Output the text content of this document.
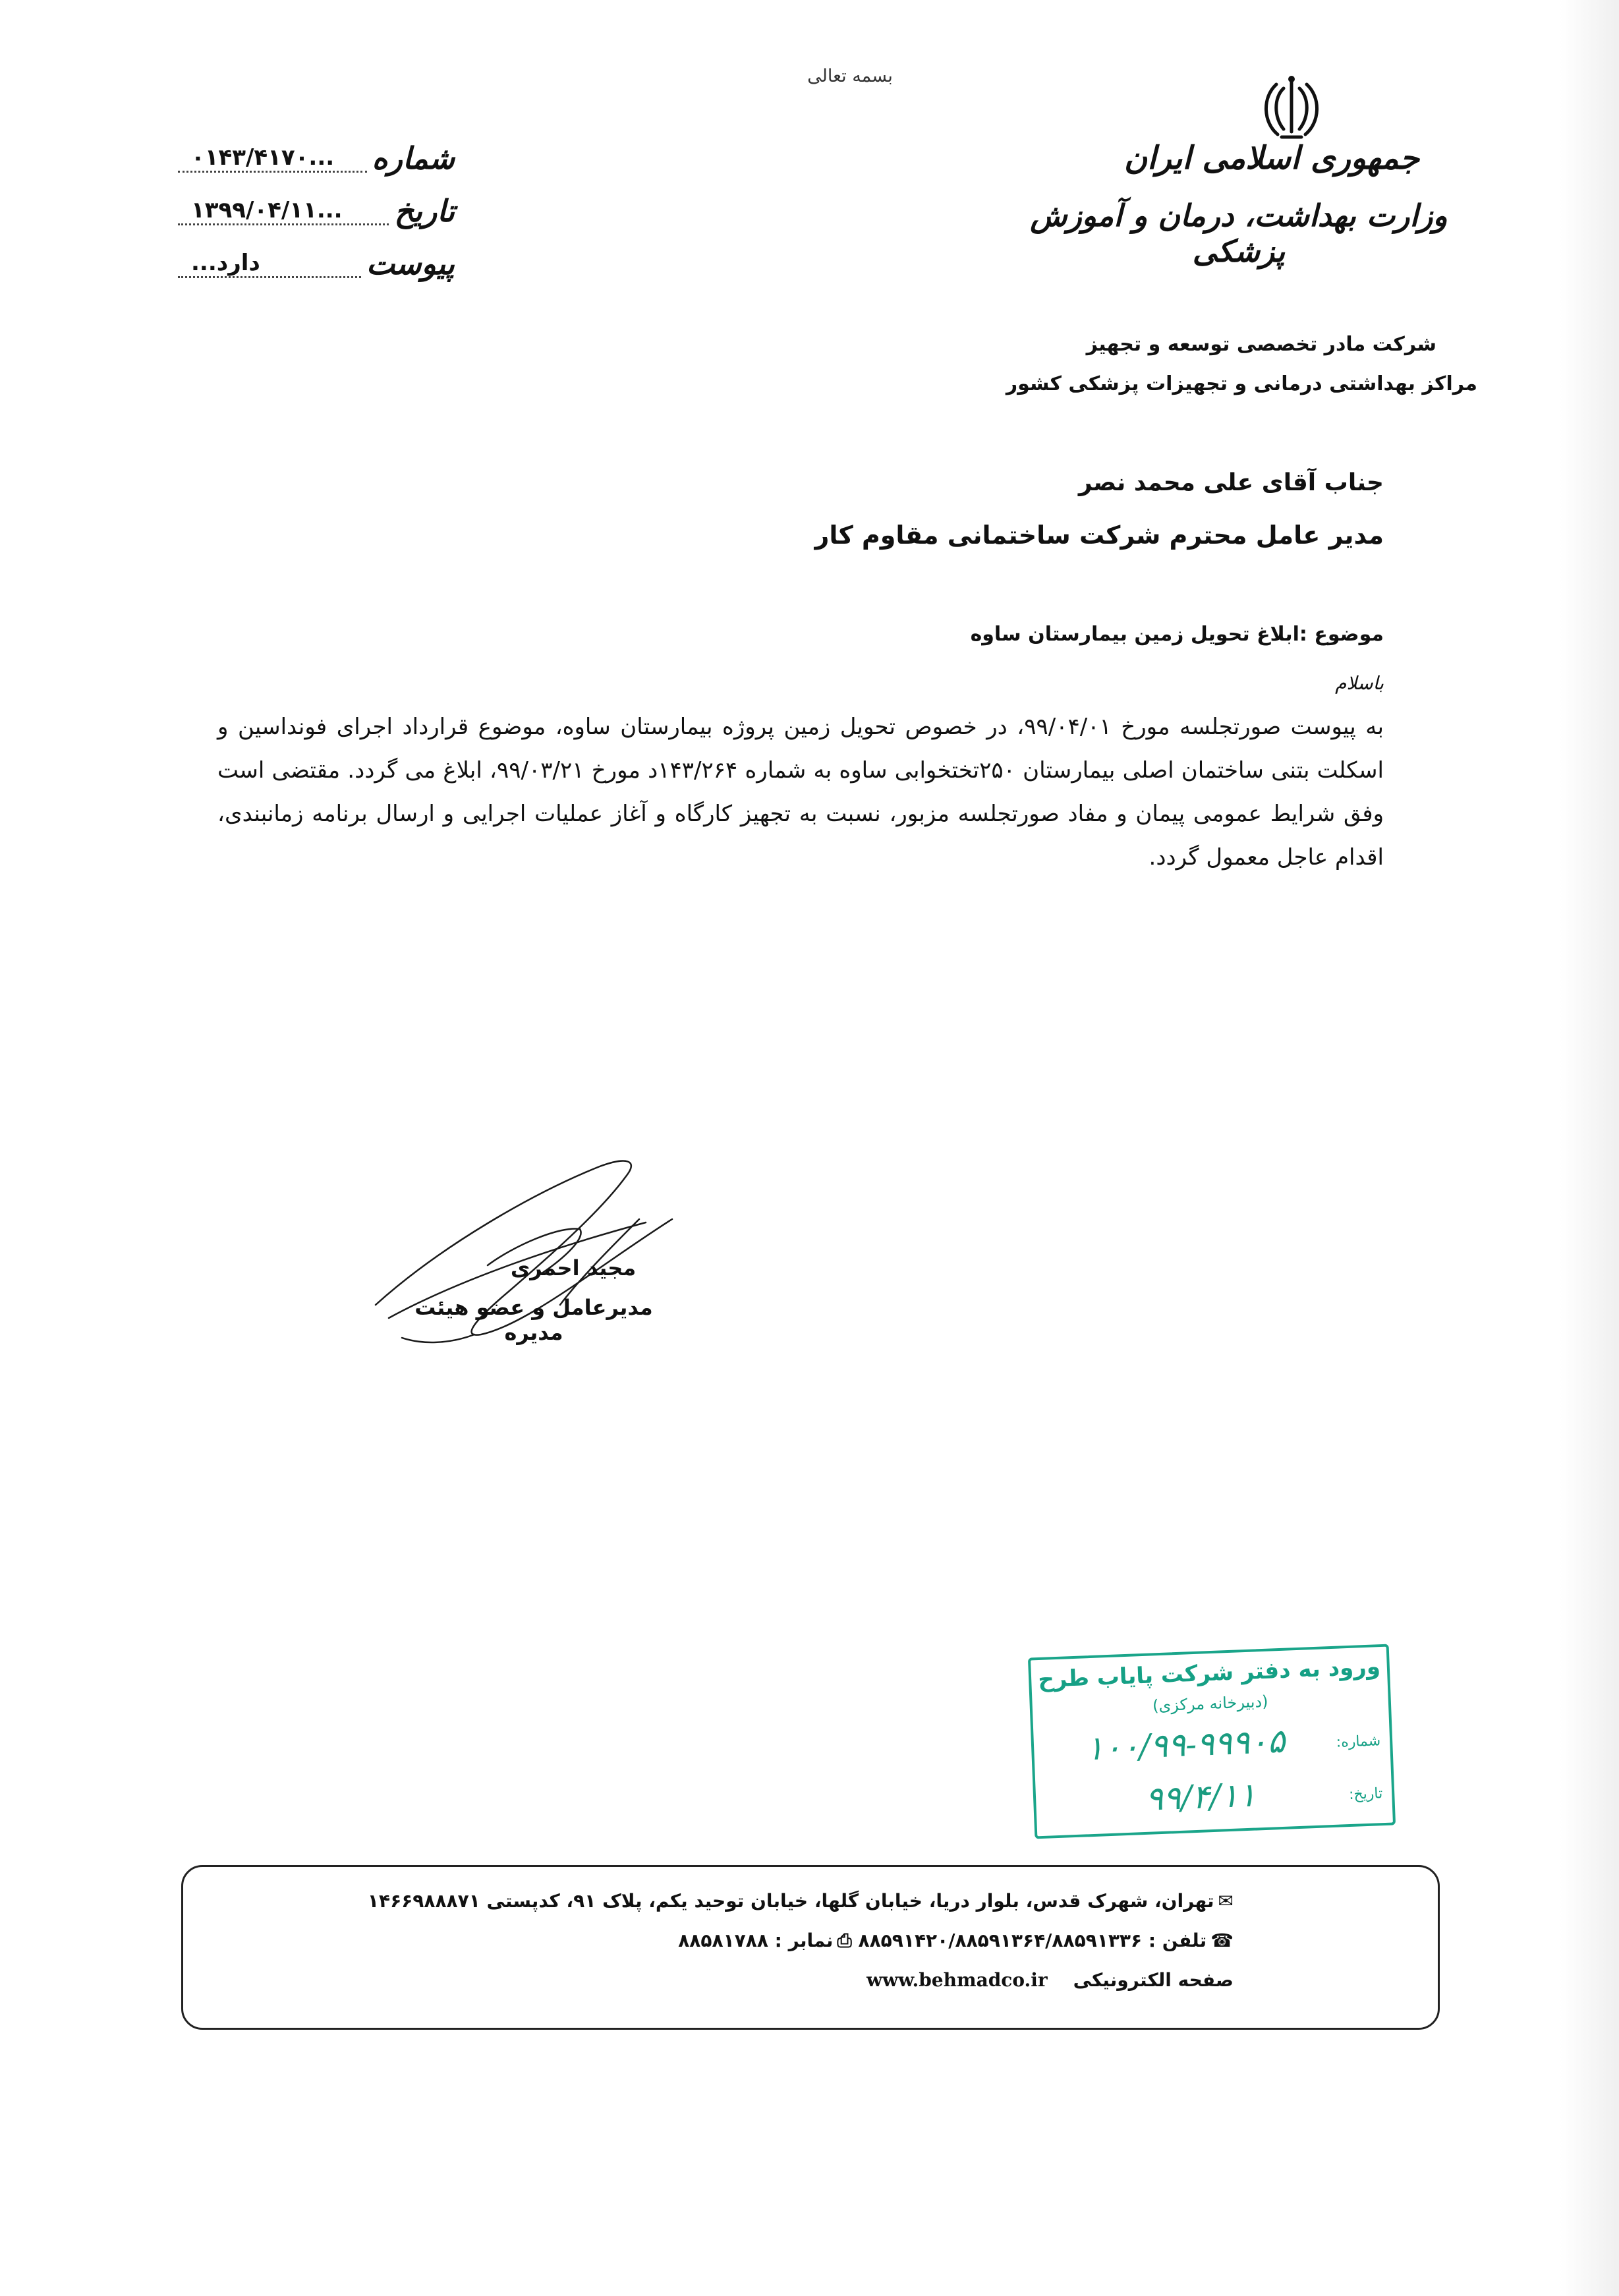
بسمه تعالی
جمهوری اسلامی ایران
وزارت بهداشت، درمان و آموزش پزشکی
شرکت مادر تخصصی توسعه و تجهیز
مراکز بهداشتی درمانی و تجهیزات پزشکی کشور
شماره
۰۱۴۳/۴۱۷۰...
تاریخ
۱۳۹۹/۰۴/۱۱...
پیوست
دارد...
جناب آقای علی محمد نصر
مدیر عامل محترم شرکت ساختمانی مقاوم کار
موضوع :ابلاغ تحویل زمین بیمارستان ساوه
باسلام
به پیوست صورتجلسه مورخ ۹۹/۰۴/۰۱، در خصوص تحویل زمین پروژه بیمارستان ساوه، موضوع قرارداد اجرای فونداسین و اسکلت بتنی ساختمان اصلی بیمارستان ۲۵۰تختخوابی ساوه به شماره ۱۴۳/۲۶۴د مورخ ۹۹/۰۳/۲۱، ابلاغ می گردد. مقتضی است وفق شرایط عمومی پیمان و مفاد صورتجلسه مزبور، نسبت به تجهیز کارگاه و آغاز عملیات اجرایی و ارسال برنامه زمانبندی، اقدام عاجل معمول گردد.
مجید احمری
مدیرعامل و عضو هیئت مدیره
ورود به دفتر شرکت پایاب طرح
(دبیرخانه مرکزی)
شماره:
۱۰۰/۹۹-۹۹۹۰۵
تاریخ:
۹۹/۴/۱۱
✉تهران، شهرک قدس، بلوار دریا، خیابان گلها، خیابان توحید یکم، پلاک ۹۱، کدپستی ۱۴۶۶۹۸۸۸۷۱
☎تلفن : ۸۸۵۹۱۴۲۰/۸۸۵۹۱۳۶۴/۸۸۵۹۱۳۳۶ ⎙نمابر : ۸۸۵۸۱۷۸۸
صفحه الکترونیکی    www.behmadco.ir
